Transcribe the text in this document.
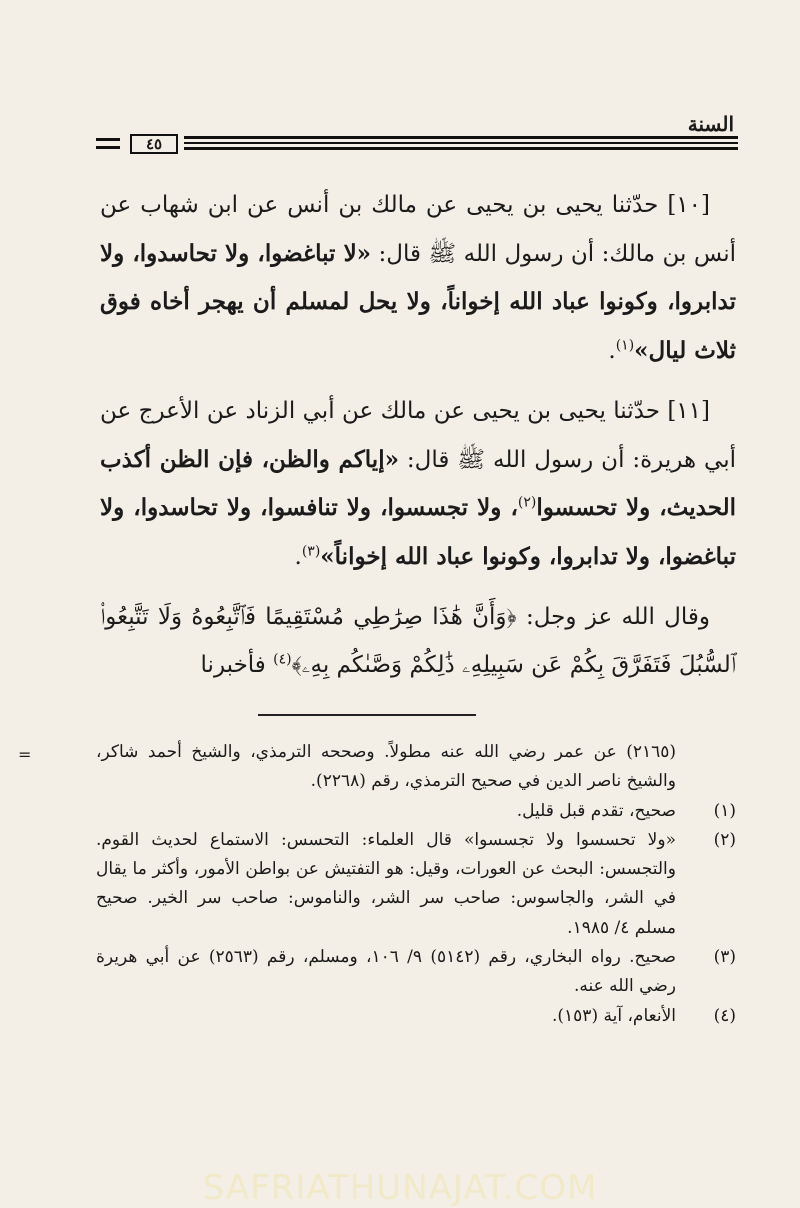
السنة
٤٥

[١٠] حدّثنا يحيى بن يحيى عن مالك بن أنس عن ابن شهاب عن أنس بن مالك: أن رسول الله ﷺ قال: «لا تباغضوا، ولا تحاسدوا، ولا تدابروا، وكونوا عباد الله إخواناً، ولا يحل لمسلم أن يهجر أخاه فوق ثلاث ليال»$^{(١)}$.

[١١] حدّثنا يحيى بن يحيى عن مالك عن أبي الزناد عن الأعرج عن أبي هريرة: أن رسول الله ﷺ قال: «إياكم والظن، فإن الظن أكذب الحديث، ولا تحسسوا$^{(٢)}$، ولا تجسسوا، ولا تنافسوا، ولا تحاسدوا، ولا تباغضوا، ولا تدابروا، وكونوا عباد الله إخواناً»$^{(٣)}$.

وقال الله عز وجل: ﴿وَأَنَّ هَٰذَا صِرَٰطِي مُسْتَقِيمًا فَٱتَّبِعُوهُ وَلَا تَتَّبِعُوا۟ ٱلسُّبُلَ فَتَفَرَّقَ بِكُمْ عَن سَبِيلِهِۦ ذَٰلِكُمْ وَصَّىٰكُم بِهِۦ﴾$^{(٤)}$ فأخبرنا

=	(٢١٦٥) عن عمر رضي الله عنه مطولاً. وصححه الترمذي، والشيخ أحمد شاكر، والشيخ ناصر الدين في صحيح الترمذي، رقم (٢٢٦٨).
(١)
صحيح، تقدم قبل قليل.
(٢)
«ولا تحسسوا ولا تجسسوا» قال العلماء: التحسس: الاستماع لحديث القوم. والتجسس: البحث عن العورات، وقيل: هو التفتيش عن بواطن الأمور، وأكثر ما يقال في الشر، والجاسوس: صاحب سر الشر، والناموس: صاحب سر الخير. صحيح مسلم ٤/ ١٩٨٥.
(٣)
صحيح. رواه البخاري، رقم (٥١٤٢) ٩/ ١٠٦، ومسلم، رقم (٢٥٦٣) عن أبي هريرة رضي الله عنه.
(٤)
الأنعام، آية (١٥٣).
SAFRIATHUNAJAT.COM
